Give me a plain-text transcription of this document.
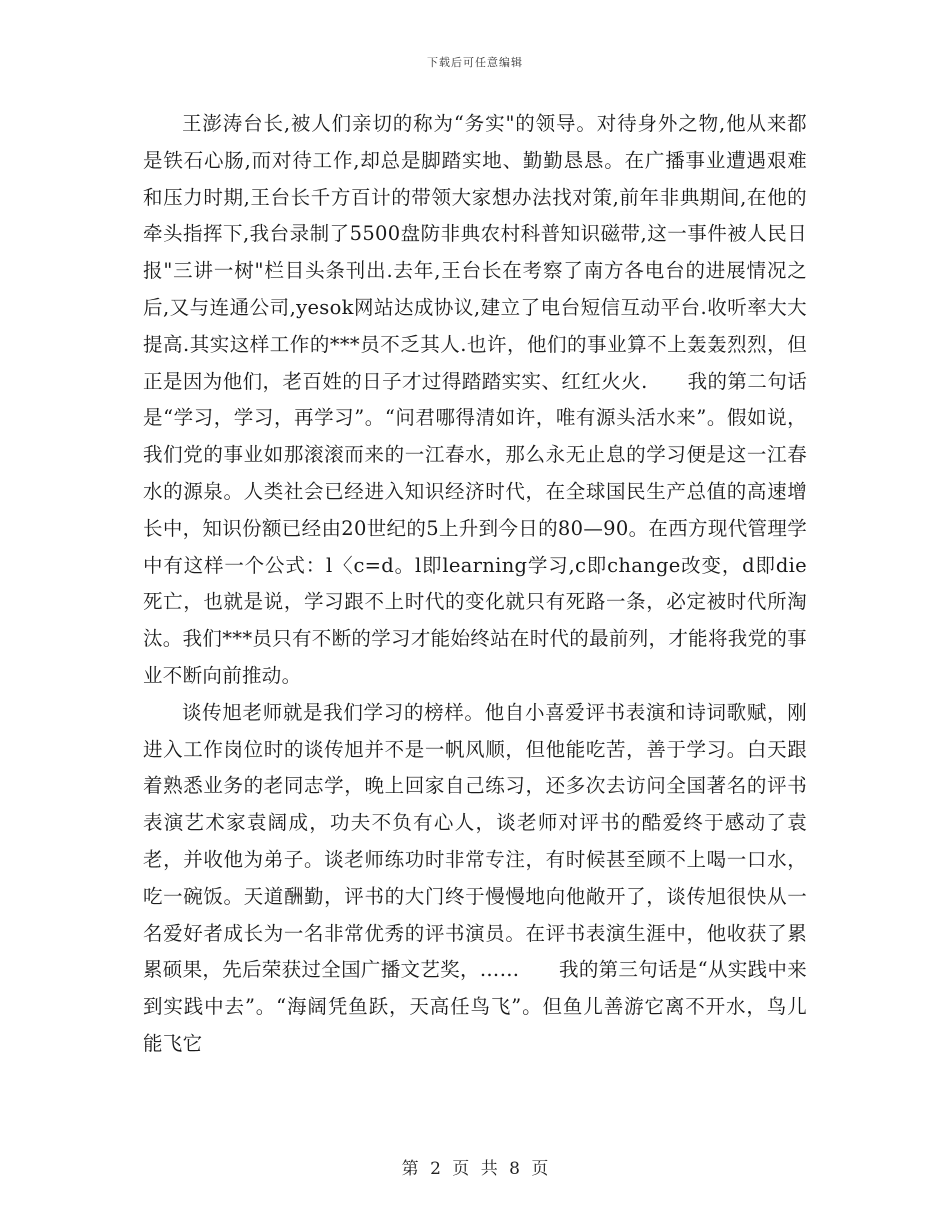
下载后可任意编辑

王澎涛台长,被人们亲切的称为“务实"的领导。对待身外之物,他从来都是铁石心肠,而对待工作,却总是脚踏实地、勤勤恳恳。在广播事业遭遇艰难和压力时期,王台长千方百计的带领大家想办法找对策,前年非典期间,在他的牵头指挥下,我台录制了5500盘防非典农村科普知识磁带,这一事件被人民日报"三讲一树"栏目头条刊出.去年,王台长在考察了南方各电台的进展情况之后,又与连通公司,yesok网站达成协议,建立了电台短信互动平台.收听率大大提高.其实这样工作的***员不乏其人.也许，他们的事业算不上轰轰烈烈，但正是因为他们，老百姓的日子才过得踏踏实实、红红火火.　　我的第二句话是“学习，学习，再学习”。“问君哪得清如许，唯有源头活水来”。假如说，我们党的事业如那滚滚而来的一江春水，那么永无止息的学习便是这一江春水的源泉。人类社会已经进入知识经济时代，在全球国民生产总值的高速增长中，知识份额已经由20世纪的5上升到今日的80—90。在西方现代管理学中有这样一个公式：l〈c=d。l即learning学习,c即change改变，d即die死亡，也就是说，学习跟不上时代的变化就只有死路一条，必定被时代所淘汰。我们***员只有不断的学习才能始终站在时代的最前列，才能将我党的事业不断向前推动。

谈传旭老师就是我们学习的榜样。他自小喜爱评书表演和诗词歌赋，刚进入工作岗位时的谈传旭并不是一帆风顺，但他能吃苦，善于学习。白天跟着熟悉业务的老同志学，晚上回家自己练习，还多次去访问全国著名的评书表演艺术家袁阔成，功夫不负有心人，谈老师对评书的酷爱终于感动了袁老，并收他为弟子。谈老师练功时非常专注，有时候甚至顾不上喝一口水，吃一碗饭。天道酬勤，评书的大门终于慢慢地向他敞开了，谈传旭很快从一名爱好者成长为一名非常优秀的评书演员。在评书表演生涯中，他收获了累累硕果，先后荣获过全国广播文艺奖，……　　我的第三句话是“从实践中来到实践中去”。“海阔凭鱼跃，天高任鸟飞”。但鱼儿善游它离不开水，鸟儿能飞它

第 2 页 共 8 页
